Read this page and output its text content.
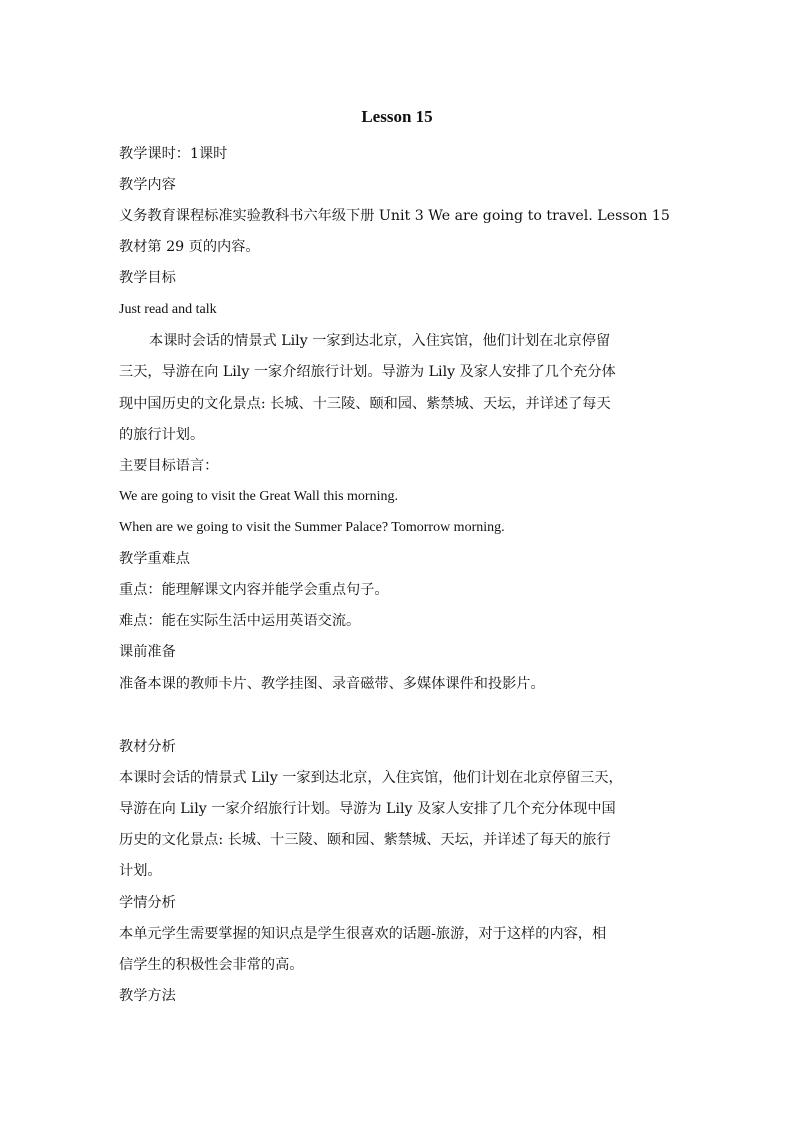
Lesson 15
教学课时：1课时
教学内容
义务教育课程标准实验教科书六年级下册 Unit 3 We are going to travel. Lesson 15
教材第 29 页的内容。
教学目标
Just read and talk
本课时会话的情景式 Lily 一家到达北京，入住宾馆，他们计划在北京停留
三天，导游在向 Lily 一家介绍旅行计划。导游为 Lily 及家人安排了几个充分体
现中国历史的文化景点: 长城、十三陵、颐和园、紫禁城、天坛，并详述了每天
的旅行计划。
主要目标语言：
We are going to visit the Great Wall this morning.
When are we going to visit the Summer Palace? Tomorrow morning.
教学重难点
重点：能理解课文内容并能学会重点句子。
难点：能在实际生活中运用英语交流。
课前准备
准备本课的教师卡片、教学挂图、录音磁带、多媒体课件和投影片。
教材分析
本课时会话的情景式 Lily 一家到达北京，入住宾馆，他们计划在北京停留三天，
导游在向 Lily 一家介绍旅行计划。导游为 Lily 及家人安排了几个充分体现中国
历史的文化景点: 长城、十三陵、颐和园、紫禁城、天坛，并详述了每天的旅行
计划。
学情分析
本单元学生需要掌握的知识点是学生很喜欢的话题-旅游，对于这样的内容，相
信学生的积极性会非常的高。
教学方法
